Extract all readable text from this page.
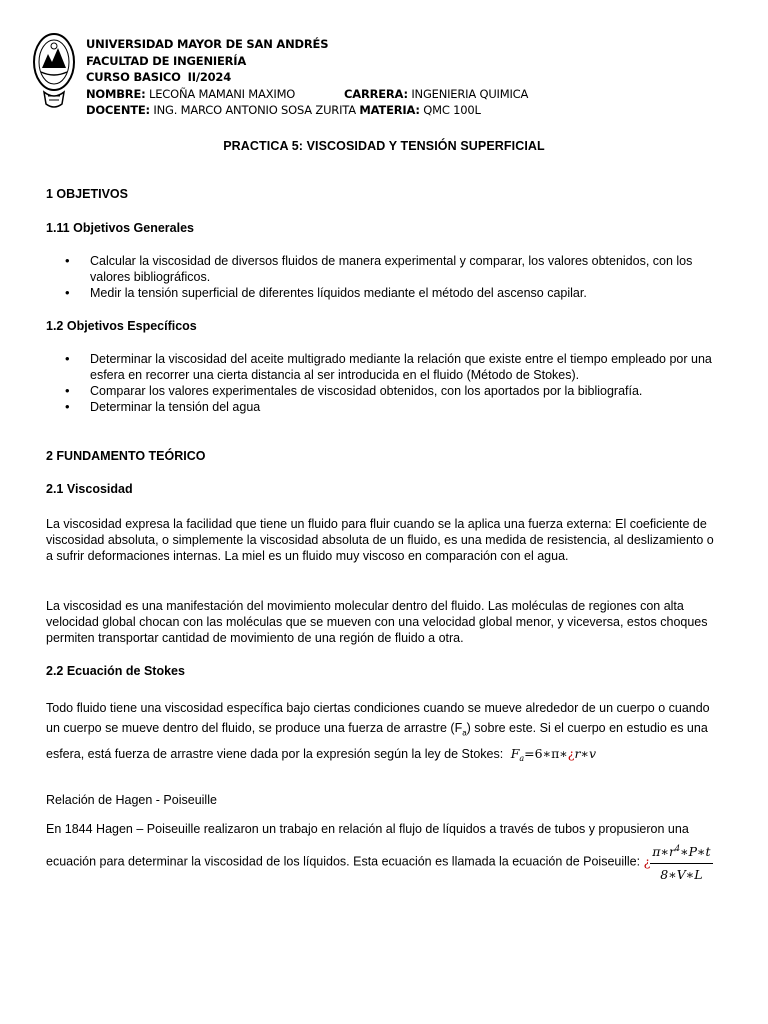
UNIVERSIDAD MAYOR DE SAN ANDRÉS
FACULTAD DE INGENIERÍA
CURSO BASICO II/2024
NOMBRE: LECOÑA MAMANI MAXIMO	CARRERA: INGENIERIA QUIMICA
DOCENTE: ING. MARCO ANTONIO SOSA ZURITA MATERIA: QMC 100L
PRACTICA 5: VISCOSIDAD Y TENSIÓN SUPERFICIAL
1 OBJETIVOS
1.11 Objetivos Generales
• Calcular la viscosidad de diversos fluidos de manera experimental y comparar, los valores obtenidos, con los valores bibliográficos.
• Medir la tensión superficial de diferentes líquidos mediante el método del ascenso capilar.
1.2 Objetivos Específicos
• Determinar la viscosidad del aceite multigrado mediante la relación que existe entre el tiempo empleado por una esfera en recorrer una cierta distancia al ser introducida en el fluido (Método de Stokes).
• Comparar los valores experimentales de viscosidad obtenidos, con los aportados por la bibliografía.
• Determinar la tensión del agua
2 FUNDAMENTO TEÓRICO
2.1 Viscosidad
La viscosidad expresa la facilidad que tiene un fluido para fluir cuando se la aplica una fuerza externa: El coeficiente de viscosidad absoluta, o simplemente la viscosidad absoluta de un fluido, es una medida de resistencia, al deslizamiento o a sufrir deformaciones internas. La miel es un fluido muy viscoso en comparación con el agua.
La viscosidad es una manifestación del movimiento molecular dentro del fluido. Las moléculas de regiones con alta velocidad global chocan con las moléculas que se mueven con una velocidad global menor, y viceversa, estos choques permiten transportar cantidad de movimiento de una región de fluido a otra.
2.2 Ecuación de Stokes
Todo fluido tiene una viscosidad específica bajo ciertas condiciones cuando se mueve alrededor de un cuerpo o cuando un cuerpo se mueve dentro del fluido, se produce una fuerza de arrastre $(F_a)$ sobre este. Si el cuerpo en estudio es una esfera, está fuerza de arrastre viene dada por la expresión según la ley de Stokes: $F_a=6∗\pi∗¿r∗v$
Relación de Hagen - Poiseuille
En 1844 Hagen – Poiseuille realizaron un trabajo en relación al flujo de líquidos a través de tubos y propusieron una ecuación para determinar la viscosidad de los líquidos. Esta ecuación es llamada la ecuación de Poiseuille: ¿ $\frac{\pi∗r^4∗P∗t}{8∗V∗L}$
